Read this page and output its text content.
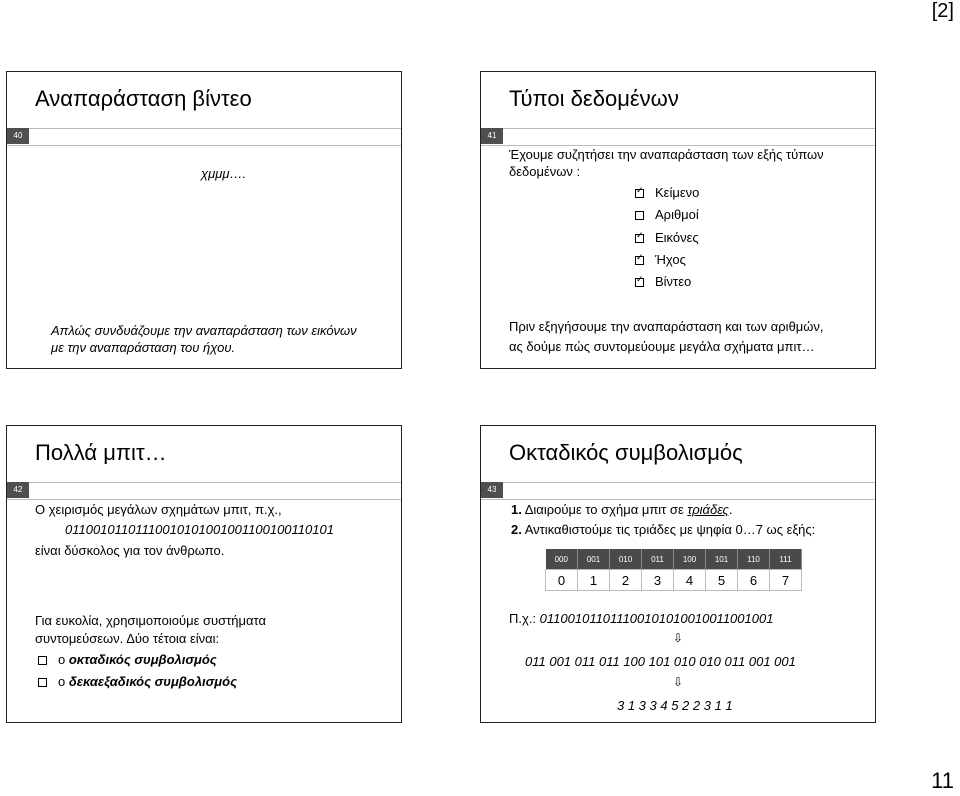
[2]
Αναπαράσταση βίντεο
40
χμμμ….
Απλώς συνδυάζουμε την αναπαράσταση των εικόνων
με την αναπαράσταση του ήχου.
Τύποι δεδομένων
41
Έχουμε συζητήσει την αναπαράσταση των εξής τύπων
δεδομένων :
✓
Κείμενο
Αριθμοί
✓
Εικόνες
✓
Ήχος
✓
Βίντεο
Πριν εξηγήσουμε την αναπαράσταση και των αριθμών,
ας δούμε πώς συντομεύουμε μεγάλα σχήματα μπιτ…
Πολλά μπιτ…
42
Ο χειρισμός μεγάλων σχημάτων μπιτ, π.χ.,
01100101101110010101001001100100110101
είναι δύσκολος για τον άνθρωπο.
Για ευκολία, χρησιμοποιούμε συστήματα
συντομεύσεων. Δύο τέτοια είναι:
ο οκταδικός συμβολισμός
ο δεκαεξαδικός συμβολισμός
Οκταδικός συμβολισμός
43
1. Διαιρούμε το σχήμα μπιτ σε τριάδες.
2. Αντικαθιστούμε τις τριάδες με ψηφία 0…7 ως εξής:
000	001	010	011	100	101	110	111
0	1	2	3	4	5	6	7
Π.χ.: 011001011011100101010010011001001
⇩
011 001 011 011 100 101 010 010 011 001 001
⇩
3 1 3 3 4 5 2 2 3 1 1
11
